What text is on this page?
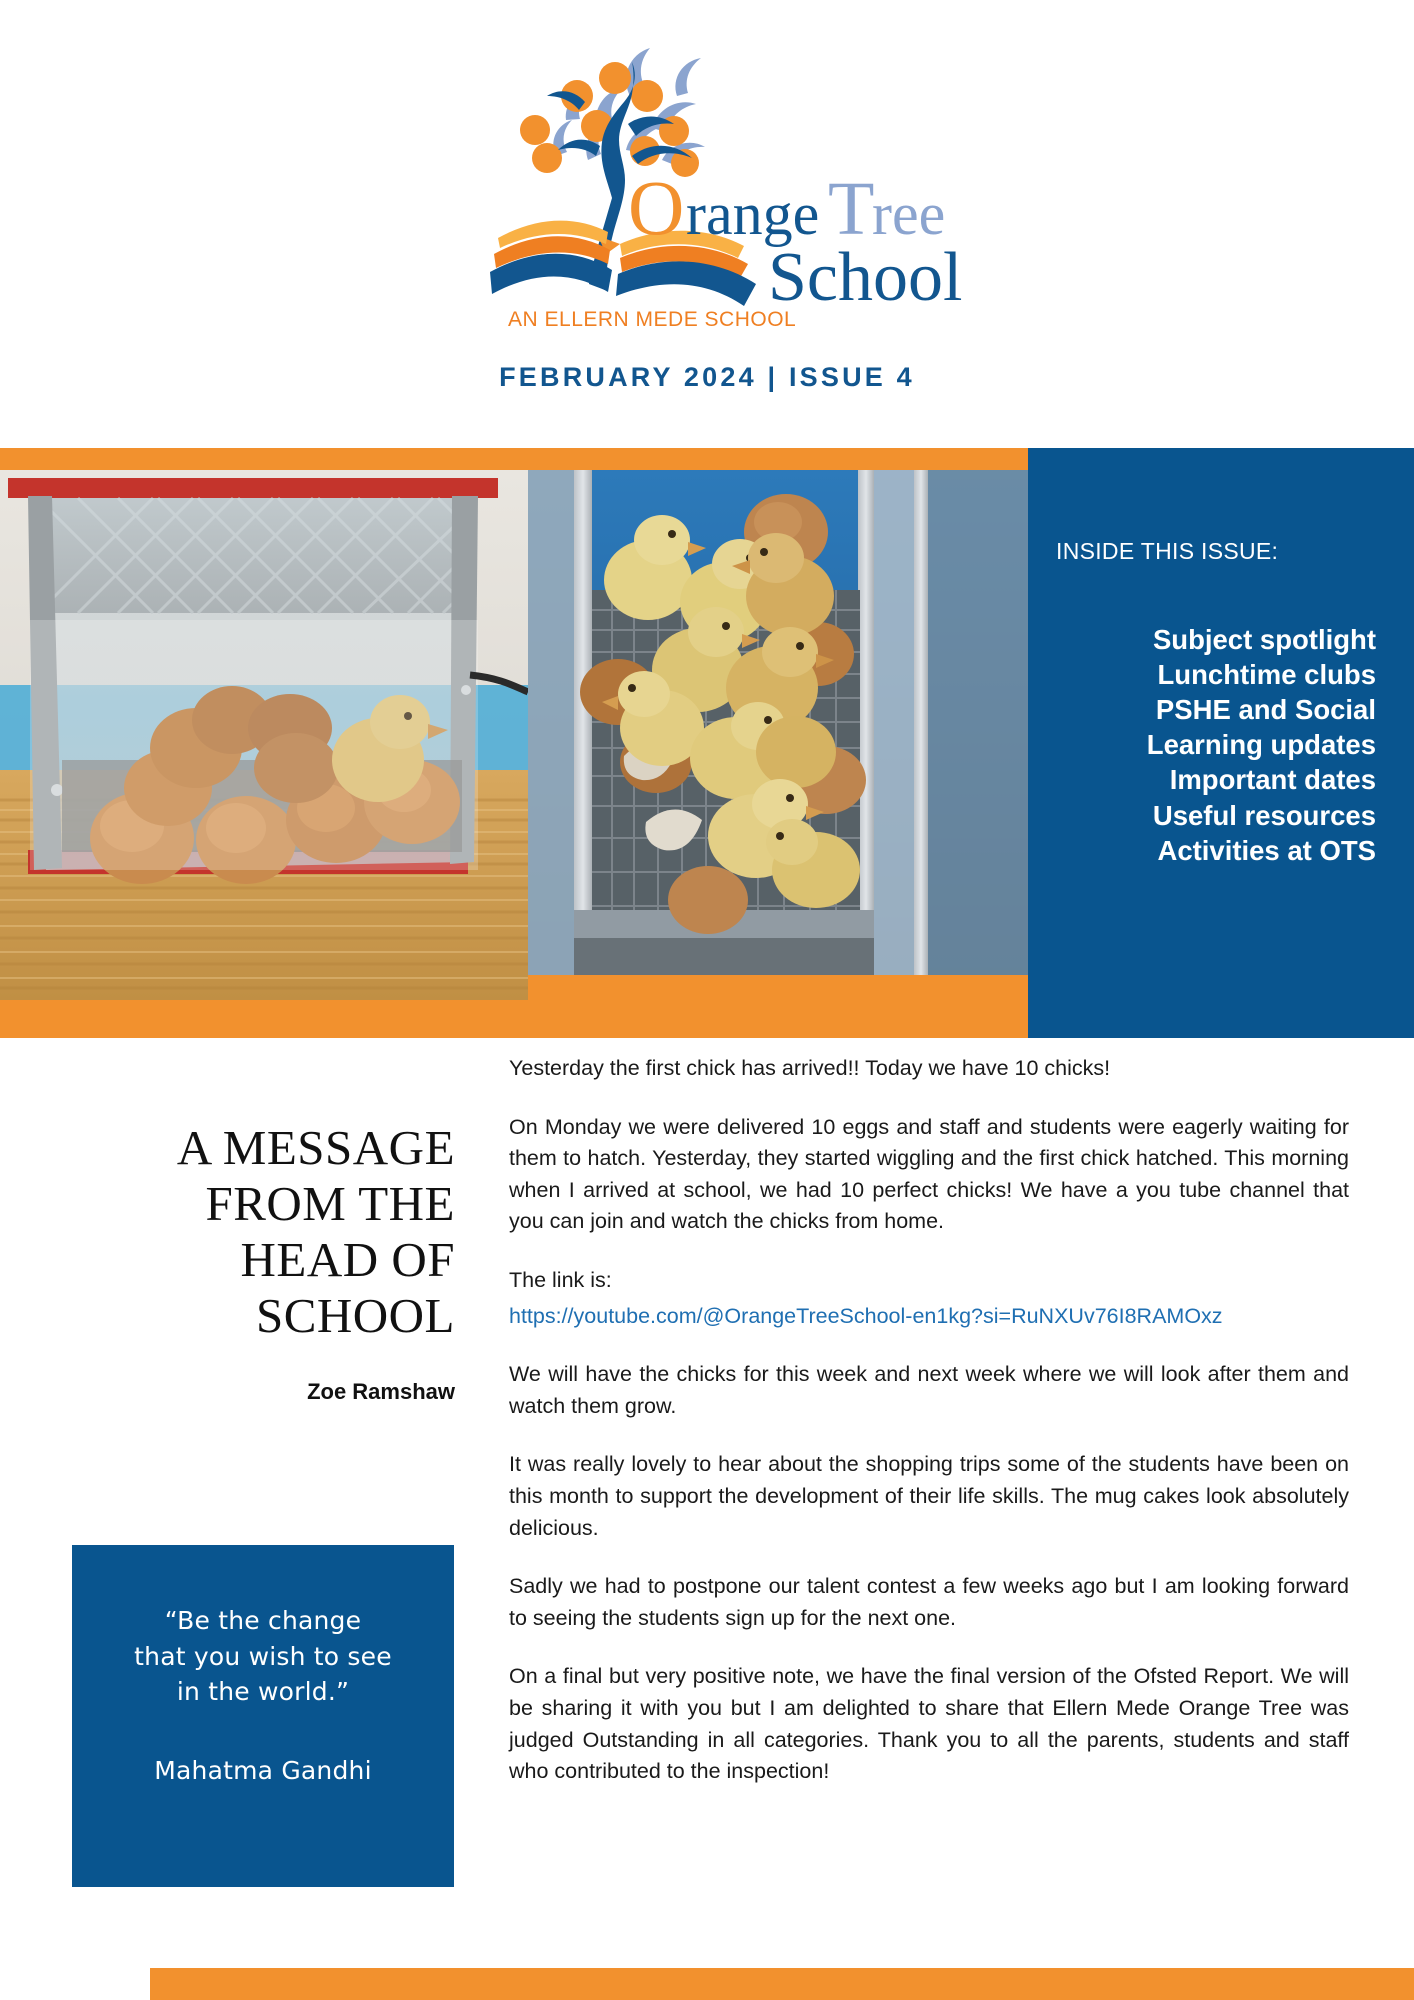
O range T
ree
School
AN ELLERN MEDE SCHOOL
FEBRUARY 2024 | ISSUE 4
INSIDE THIS ISSUE:
Subject spotlight
Lunchtime clubs
PSHE and Social
Learning updates
Important dates
Useful resources
Activities at OTS
A MESSAGE
FROM THE
HEAD OF
SCHOOL
Zoe Ramshaw
“Be the change
that you wish to see
in the world.”
Mahatma Gandhi

Yesterday the first chick has arrived!! Today we have 10 chicks!

On Monday we were delivered 10 eggs and staff and students were eagerly waiting for them to hatch. Yesterday, they started wiggling and the first chick hatched. This morning when I arrived at school, we had 10 perfect chicks! We have a you tube channel that you can join and watch the chicks from home.

The link is:

https://youtube.com/@OrangeTreeSchool-en1kg?si=RuNXUv76I8RAMOxz

We will have the chicks for this week and next week where we will look after them and watch them grow.

It was really lovely to hear about the shopping trips some of the students have been on this month to support the development of their life skills. The mug cakes look absolutely delicious.

Sadly we had to postpone our talent contest a few weeks ago but I am looking forward to seeing the students sign up for the next one.

On a final but very positive note, we have the final version of the Ofsted Report. We will be sharing it with you but I am delighted to share that Ellern Mede Orange Tree was judged Outstanding in all categories. Thank you to all the parents, students and staff who contributed to the inspection!
